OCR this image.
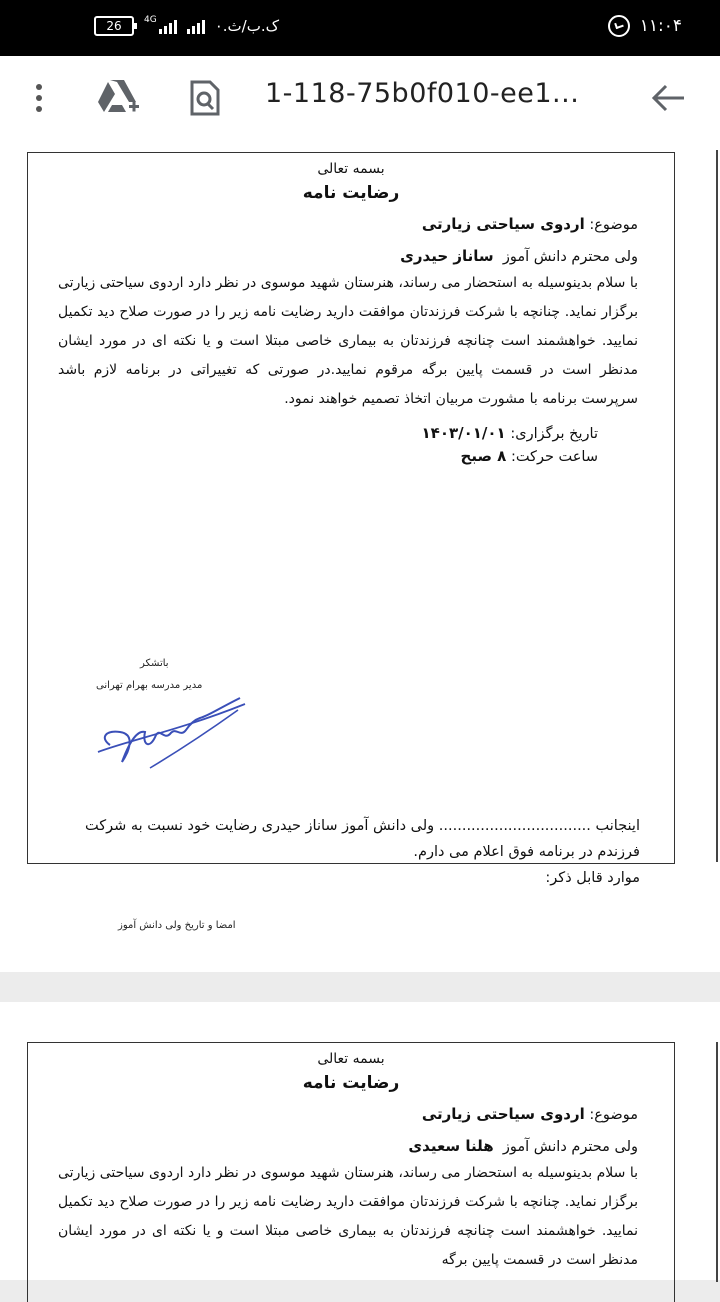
26	4G	۰.ک.ب/ث	۱۱:۰۴
1-118-75b0f010-ee1...
بسمه تعالی
رضایت نامه
موضوع: اردوی سیاحتی زیارتی
ولی محترم دانش آموز  ساناز حیدری
با سلام بدینوسیله به استحضار می رساند، هنرستان شهید موسوی در نظر دارد اردوی سیاحتی زیارتی برگزار نماید. چنانچه با شرکت فرزندتان موافقت دارید رضایت نامه زیر را در صورت صلاح دید تکمیل نمایید. خواهشمند است چنانچه فرزندتان به بیماری خاصی مبتلا است و یا نکته ای در مورد ایشان مدنظر است در قسمت پایین برگه مرقوم نمایید.در صورتی که تغییراتی در برنامه لازم باشد سرپرست برنامه با مشورت مربیان اتخاذ تصمیم خواهند نمود.
تاریخ برگزاری: ۱۴۰۳/۰۱/۰۱
ساعت حرکت: ۸ صبح
باتشکر
مدیر مدرسه بهرام تهرانی
اینجانب ................................. ولی دانش آموز ساناز حیدری رضایت خود نسبت به شرکت فرزندم در برنامه فوق اعلام می دارم.
موارد قابل ذکر:
امضا و تاریخ ولی دانش آموز
بسمه تعالی
رضایت نامه
موضوع: اردوی سیاحتی زیارتی
ولی محترم دانش آموز  هلنا سعیدی
با سلام بدینوسیله به استحضار می رساند، هنرستان شهید موسوی در نظر دارد اردوی سیاحتی زیارتی برگزار نماید. چنانچه با شرکت فرزندتان موافقت دارید رضایت نامه زیر را در صورت صلاح دید تکمیل نمایید. خواهشمند است چنانچه فرزندتان به بیماری خاصی مبتلا است و یا نکته ای در مورد ایشان مدنظر است در قسمت پایین برگه
